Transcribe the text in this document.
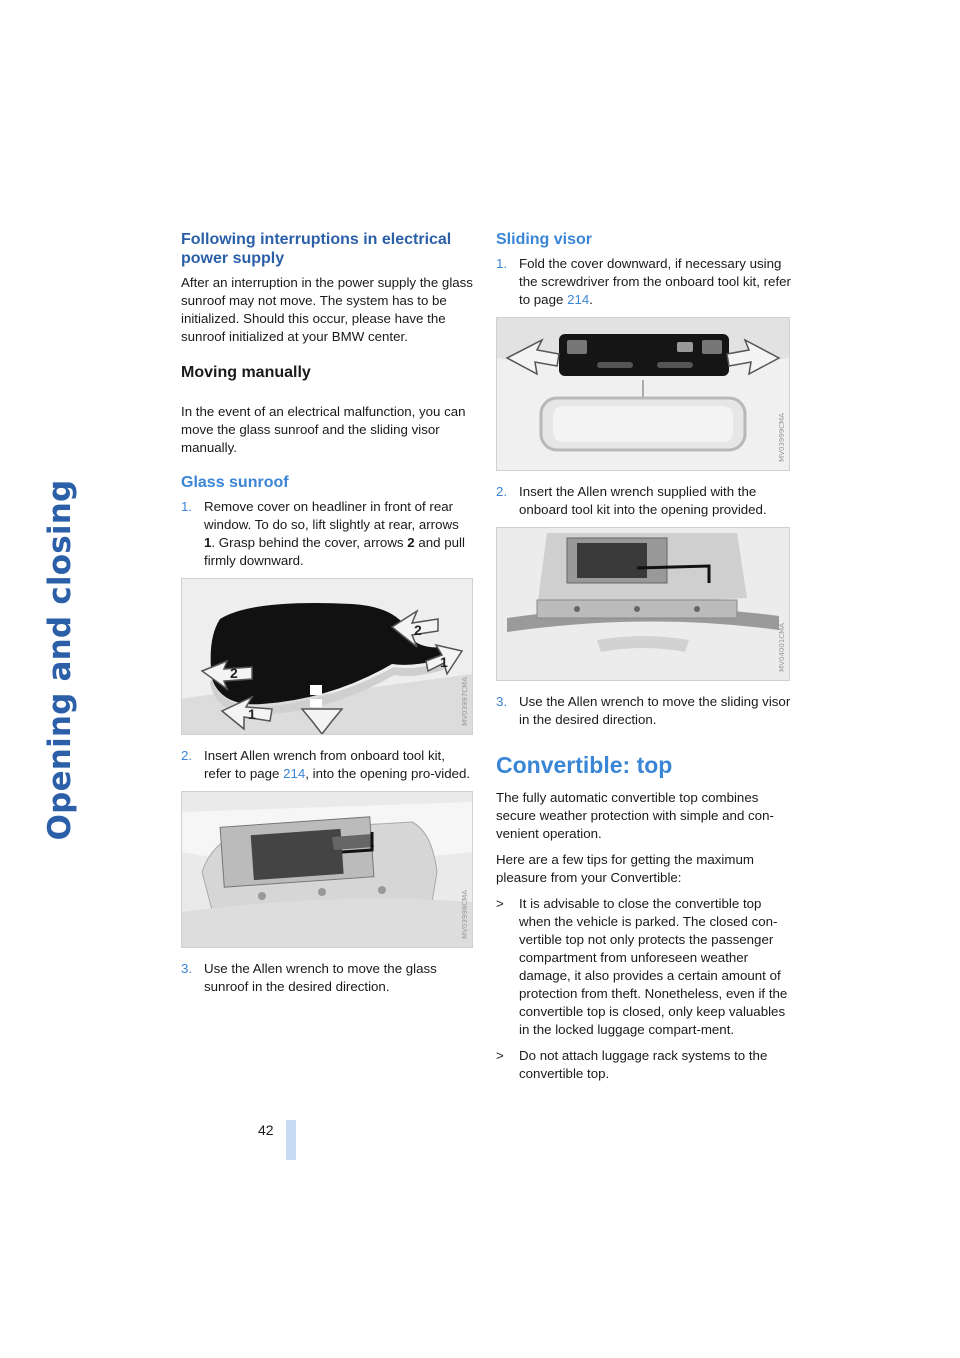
Opening and closing
42
Following interruptions in electrical power supply

After an interruption in the power supply the glass sunroof may not move. The system has to be initialized. Should this occur, please have the sunroof initialized at your BMW center.

Moving manually

In the event of an electrical malfunction, you can move the glass sunroof and the sliding visor manually.

Glass sunroof
1. Remove cover on headliner in front of rear window. To do so, lift slightly at rear, arrows 1. Grasp behind the cover, arrows 2 and pull firmly downward.
2
2
1
1	MV03997CMA
2. Insert Allen wrench from onboard tool kit, refer to page 214, into the opening pro-vided.
MV03998CMA
3. Use the Allen wrench to move the glass sunroof in the desired direction.
Sliding visor
1. Fold the cover downward, if necessary using the screwdriver from the onboard tool kit, refer to page 214.
MV03999CMA
2. Insert the Allen wrench supplied with the onboard tool kit into the opening provided.
MV04001CMA
3. Use the Allen wrench to move the sliding visor in the desired direction.
Convertible: top

The fully automatic convertible top combines secure weather protection with simple and con-venient operation.

Here are a few tips for getting the maximum pleasure from your Convertible:

> It is advisable to close the convertible top when the vehicle is parked. The closed con-vertible top not only protects the passenger compartment from unforeseen weather damage, it also provides a certain amount of protection from theft. Nonetheless, even if the convertible top is closed, only keep valuables in the locked luggage compart-ment.
> Do not attach luggage rack systems to the convertible top.
